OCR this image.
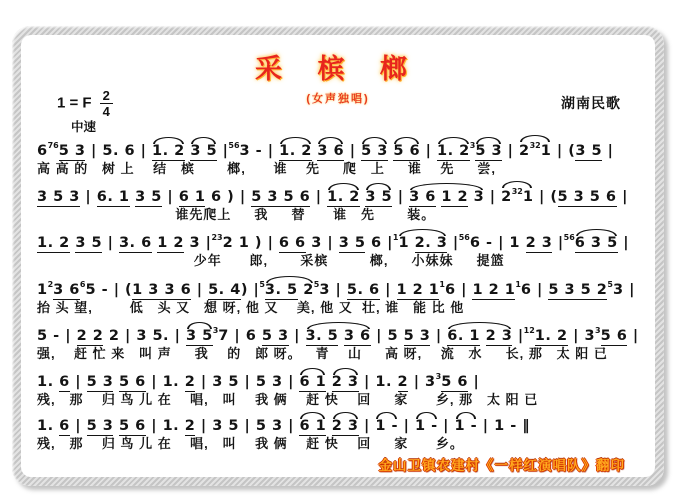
采 槟 榔
(女声独唱)
1 = F $\frac{2}{4}$
中速
湖南民歌
$6^{76}5$ 3 | 5. 6 | 1. 2 3 5 $|^{56}3$ - | 1. 2 3 6 | 5 3 5 6 | 1. $2^35$ 3 | $2^{32}1$ | (3 5 |
高 高 的   树 上    结   槟       榔,      谁    先     爬   上     谁    先     尝,
3 5 3 | 6. 1 3 5 | 6 1 6 ) | 5 3 5 6 | 1. 2 3 5 | 3 6 1 2 3 | $2^{32}1$ | (5 3 5 6 |
谁先爬上     我     替      谁   先       装。
1. 2 3 5 | 3. 6 1 2 3 $|^{23}2$ 1 ) | 6 6 3 | 3 5 6 $|^11$ 2. 3 $|^{56}6$ - | 1 2 3 $|^{56}6$ 3 5 |
少年      郎,       采槟         榔,     小妹妹     提篮
$1^23$ $6^65$ - | (1 3 3 6 | 5. 4) $|^53$. 5 $2^53$ | 5. 6 | 1 2 $1^16$ | 1 2 $1^16$ | 5 3 5 $2^53$ |
抬 头 望,        低   头 又   想 呀, 他 又    美, 他 又  壮, 谁   能 比 他
5 - | 2 2 2 | 3 5. | 3 $5^37$ | 6 5 3 | 3. 5 3 6 | 5 5 3 | 6. 1 2 3 $|^{12}1$. 2 | $3^35$ 6 |
强,    赶 忙 来   叫 声     我    的   郎 呀。   青    山     高 呀,    流   水     长, 那   太 阳 已
1. 6 | 5 3 5 6 | 1. 2 | 3 5 | 5 3 | 6 1 2 3 | 1. 2 | $3^35$ 6 |
残,   那    归 鸟 儿 在    唱,   叫    我 俩    赶 快    回     家      乡, 那   太 阳 已
1. 6 | 5 3 5 6 | 1. 2 | 3 5 | 5 3 | 6 1 2 3 | 1 - | 1 - | 1 - | 1 - ‖
残,   那    归 鸟 儿 在    唱,   叫    我 俩    赶 快    回     家      乡。
金山卫镇农建村《一样红演唱队》翻印
